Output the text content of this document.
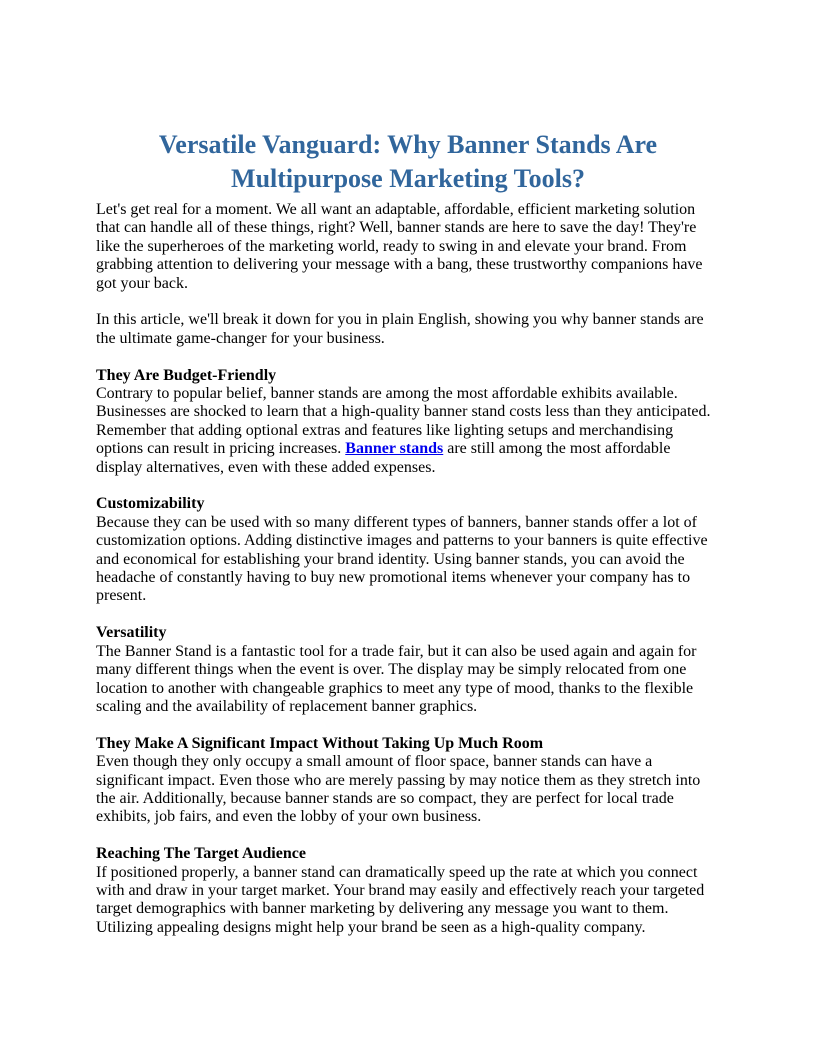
Versatile Vanguard: Why Banner Stands Are
Multipurpose Marketing Tools?

Let's get real for a moment. We all want an adaptable, affordable, efficient marketing solution that can handle all of these things, right? Well, banner stands are here to save the day! They're like the superheroes of the marketing world, ready to swing in and elevate your brand. From grabbing attention to delivering your message with a bang, these trustworthy companions have got your back.

In this article, we'll break it down for you in plain English, showing you why banner stands are the ultimate game-changer for your business.

They Are Budget-Friendly

Contrary to popular belief, banner stands are among the most affordable exhibits available. Businesses are shocked to learn that a high-quality banner stand costs less than they anticipated. Remember that adding optional extras and features like lighting setups and merchandising options can result in pricing increases. Banner stands are still among the most affordable display alternatives, even with these added expenses.

Customizability

Because they can be used with so many different types of banners, banner stands offer a lot of customization options. Adding distinctive images and patterns to your banners is quite effective and economical for establishing your brand identity. Using banner stands, you can avoid the headache of constantly having to buy new promotional items whenever your company has to present.

Versatility

The Banner Stand is a fantastic tool for a trade fair, but it can also be used again and again for many different things when the event is over. The display may be simply relocated from one location to another with changeable graphics to meet any type of mood, thanks to the flexible scaling and the availability of replacement banner graphics.

They Make A Significant Impact Without Taking Up Much Room

Even though they only occupy a small amount of floor space, banner stands can have a significant impact. Even those who are merely passing by may notice them as they stretch into the air. Additionally, because banner stands are so compact, they are perfect for local trade exhibits, job fairs, and even the lobby of your own business.

Reaching The Target Audience

If positioned properly, a banner stand can dramatically speed up the rate at which you connect with and draw in your target market. Your brand may easily and effectively reach your targeted target demographics with banner marketing by delivering any message you want to them. Utilizing appealing designs might help your brand be seen as a high-quality company.
